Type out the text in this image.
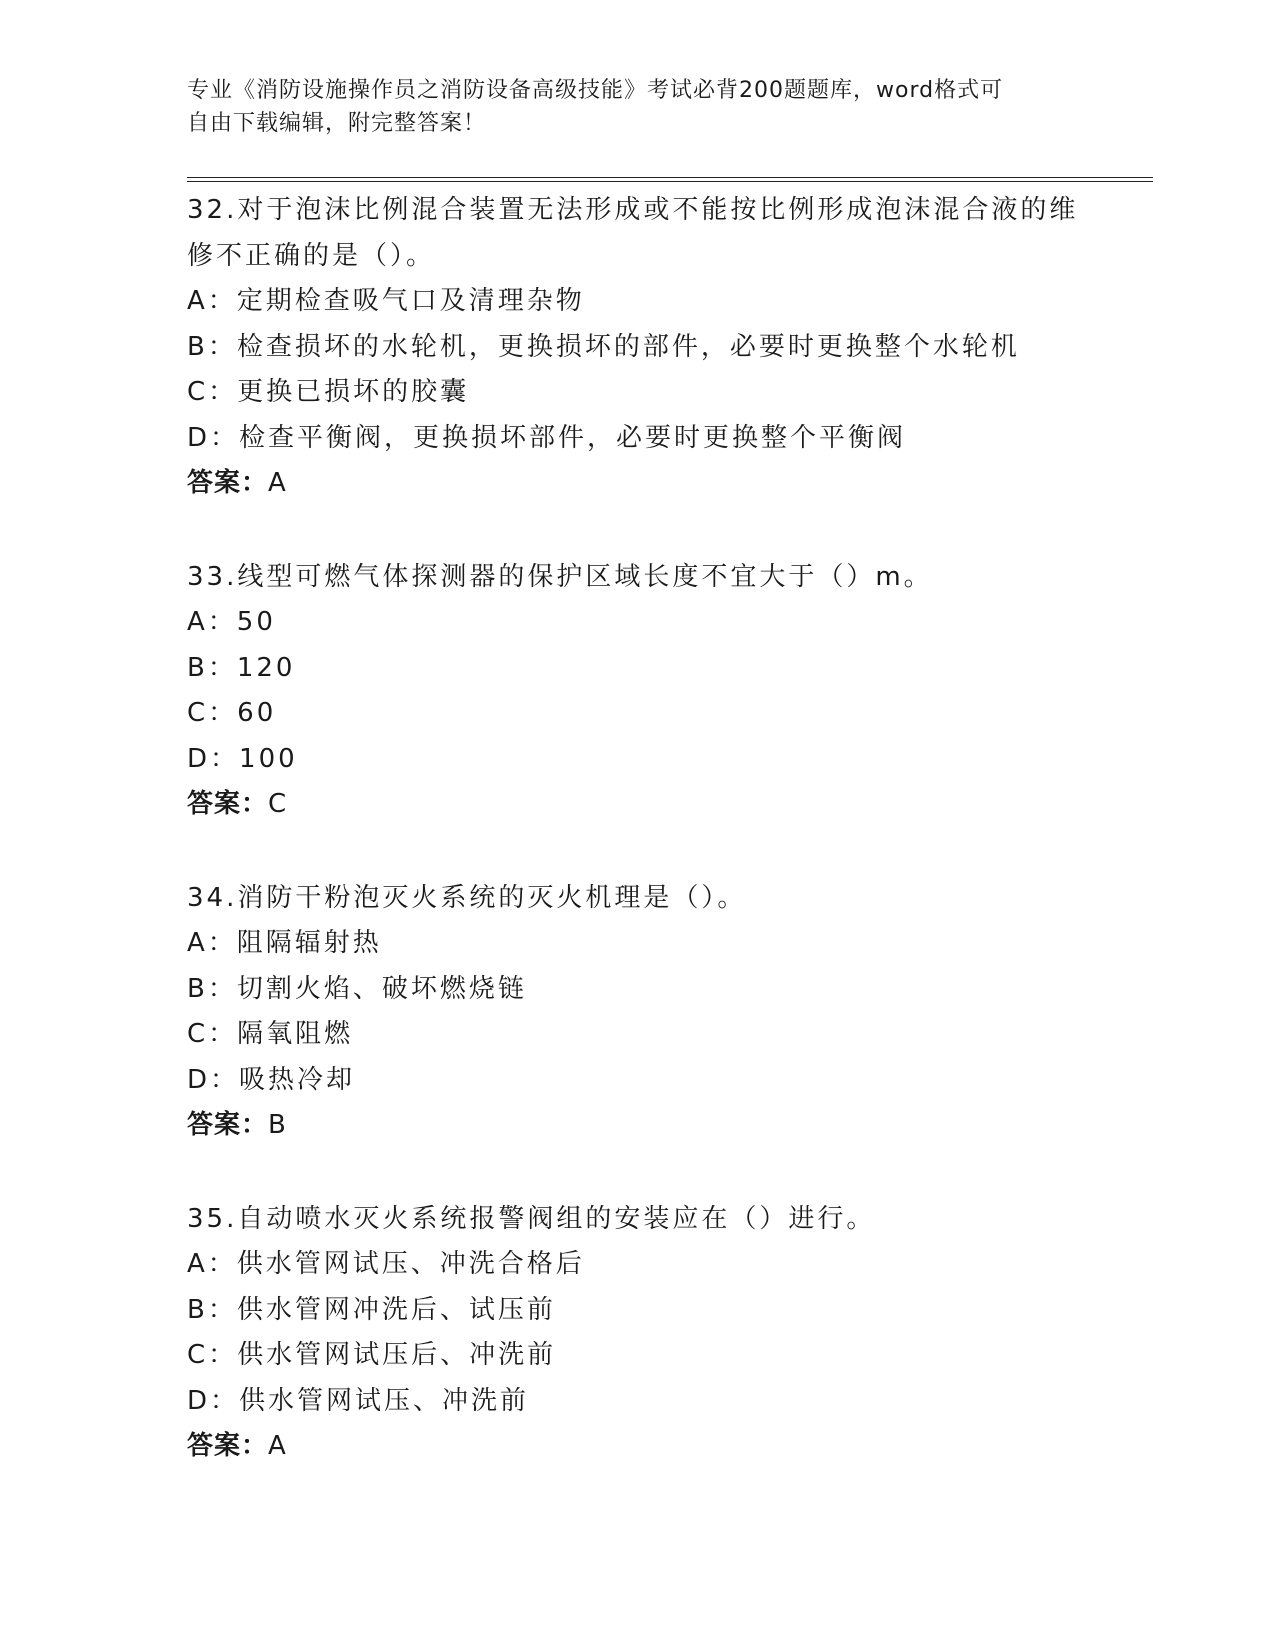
专业《消防设施操作员之消防设备高级技能》考试必背200题题库，word格式可
自由下载编辑，附完整答案！

32.对于泡沫比例混合装置无法形成或不能按比例形成泡沫混合液的维

修不正确的是（）。

A：定期检查吸气口及清理杂物

B：检查损坏的水轮机，更换损坏的部件，必要时更换整个水轮机

C：更换已损坏的胶囊

D：检查平衡阀，更换损坏部件，必要时更换整个平衡阀

答案：A

33.线型可燃气体探测器的保护区域长度不宜大于（）m。

A：50

B：120

C：60

D：100

答案：C

34.消防干粉泡灭火系统的灭火机理是（）。

A：阻隔辐射热

B：切割火焰、破坏燃烧链

C：隔氧阻燃

D：吸热冷却

答案：B

35.自动喷水灭火系统报警阀组的安装应在（）进行。

A：供水管网试压、冲洗合格后

B：供水管网冲洗后、试压前

C：供水管网试压后、冲洗前

D：供水管网试压、冲洗前

答案：A
